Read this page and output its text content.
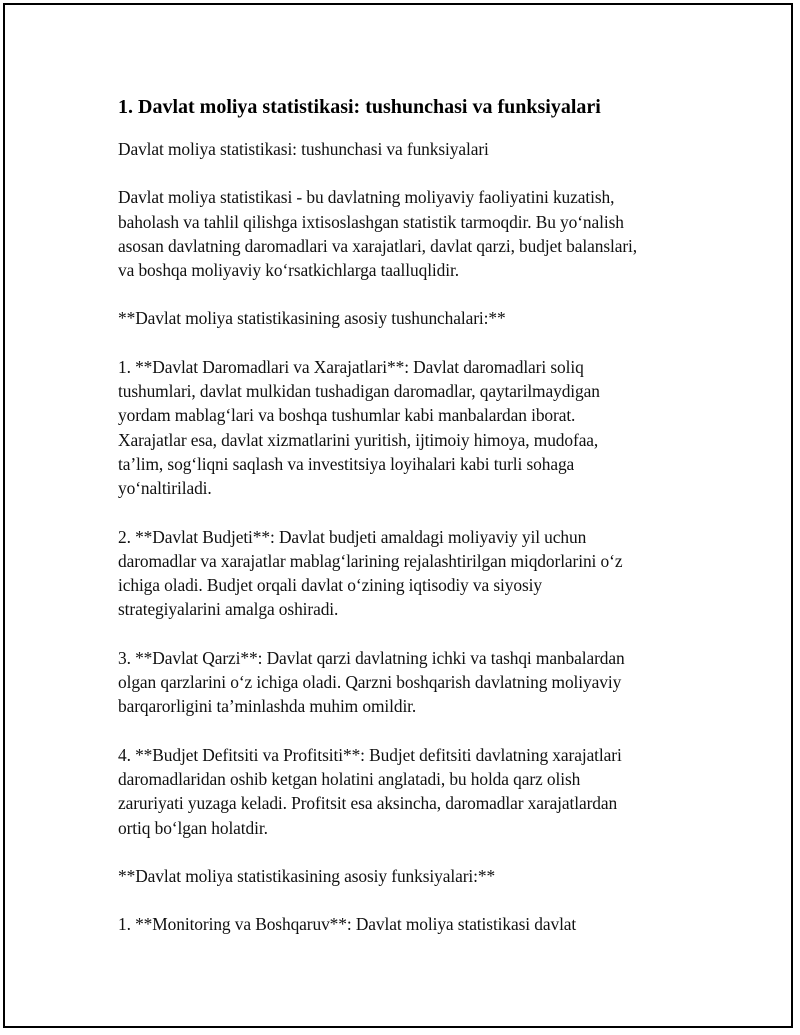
1. Davlat moliya statistikasi: tushunchasi va funksiyalari

Davlat moliya statistikasi: tushunchasi va funksiyalari

Davlat moliya statistikasi - bu davlatning moliyaviy faoliyatini kuzatish,
baholash va tahlil qilishga ixtisoslashgan statistik tarmoqdir. Bu yo‘nalish
asosan davlatning daromadlari va xarajatlari, davlat qarzi, budjet balanslari,
va boshqa moliyaviy ko‘rsatkichlarga taalluqlidir.

**Davlat moliya statistikasining asosiy tushunchalari:**

1. **Davlat Daromadlari va Xarajatlari**: Davlat daromadlari soliq
tushumlari, davlat mulkidan tushadigan daromadlar, qaytarilmaydigan
yordam mablag‘lari va boshqa tushumlar kabi manbalardan iborat.
Xarajatlar esa, davlat xizmatlarini yuritish, ijtimoiy himoya, mudofaa,
ta’lim, sog‘liqni saqlash va investitsiya loyihalari kabi turli sohaga
yo‘naltiriladi.

2. **Davlat Budjeti**: Davlat budjeti amaldagi moliyaviy yil uchun
daromadlar va xarajatlar mablag‘larining rejalashtirilgan miqdorlarini o‘z
ichiga oladi. Budjet orqali davlat o‘zining iqtisodiy va siyosiy
strategiyalarini amalga oshiradi.

3. **Davlat Qarzi**: Davlat qarzi davlatning ichki va tashqi manbalardan
olgan qarzlarini o‘z ichiga oladi. Qarzni boshqarish davlatning moliyaviy
barqarorligini ta’minlashda muhim omildir.

4. **Budjet Defitsiti va Profitsiti**: Budjet defitsiti davlatning xarajatlari
daromadlaridan oshib ketgan holatini anglatadi, bu holda qarz olish
zaruriyati yuzaga keladi. Profitsit esa aksincha, daromadlar xarajatlardan
ortiq bo‘lgan holatdir.

**Davlat moliya statistikasining asosiy funksiyalari:**

1. **Monitoring va Boshqaruv**: Davlat moliya statistikasi davlat
